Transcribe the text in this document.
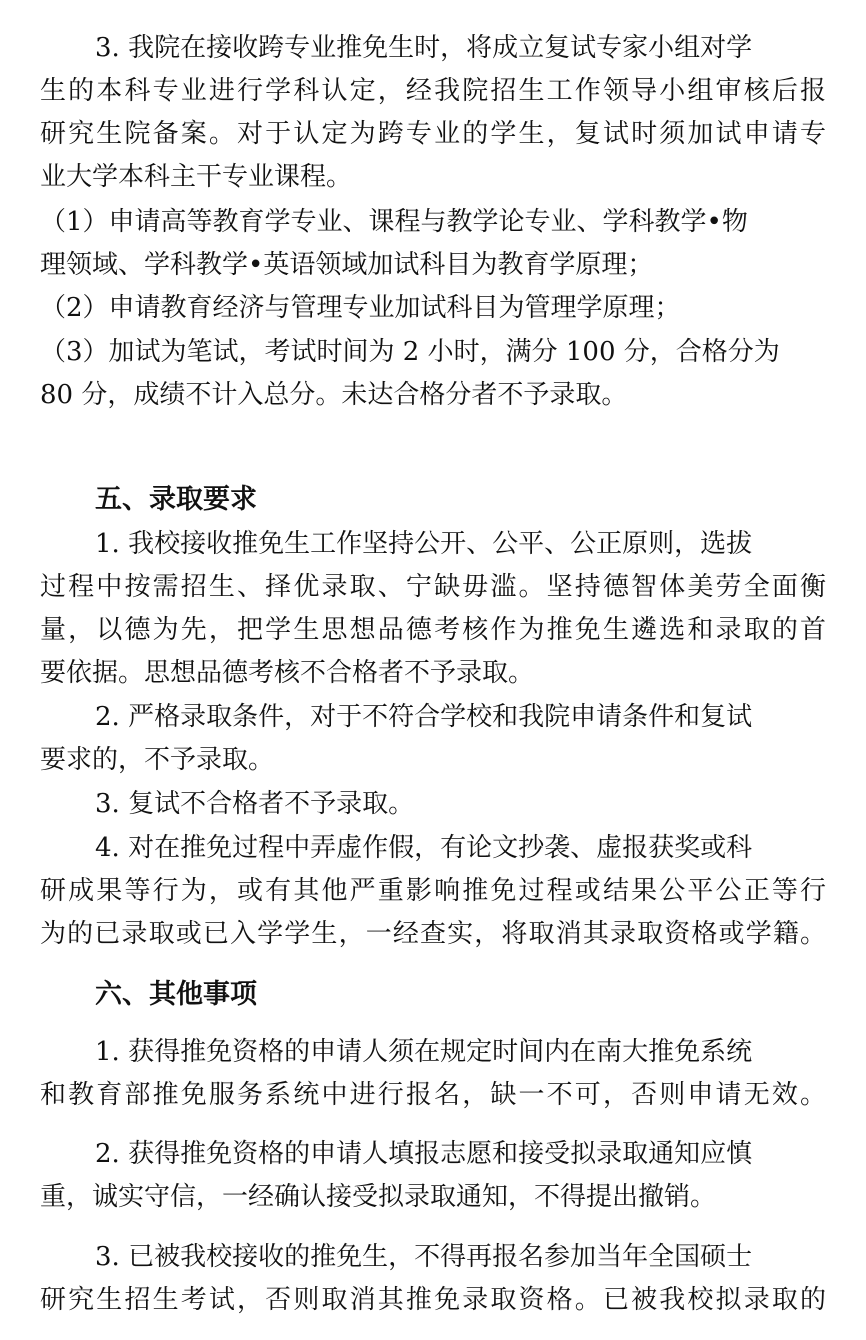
3. 我院在接收跨专业推免生时，将成立复试专家小组对学

生的本科专业进行学科认定，经我院招生工作领导小组审核后报

研究生院备案。对于认定为跨专业的学生，复试时须加试申请专

业大学本科主干专业课程。

（1）申请高等教育学专业、课程与教学论专业、学科教学•物

理领域、学科教学•英语领域加试科目为教育学原理；

（2）申请教育经济与管理专业加试科目为管理学原理；

（3）加试为笔试，考试时间为 2 小时，满分 100 分，合格分为

80 分，成绩不计入总分。未达合格分者不予录取。

五、录取要求

1. 我校接收推免生工作坚持公开、公平、公正原则，选拔

过程中按需招生、择优录取、宁缺毋滥。坚持德智体美劳全面衡

量，以德为先，把学生思想品德考核作为推免生遴选和录取的首

要依据。思想品德考核不合格者不予录取。

2. 严格录取条件，对于不符合学校和我院申请条件和复试

要求的，不予录取。

3. 复试不合格者不予录取。

4. 对在推免过程中弄虚作假，有论文抄袭、虚报获奖或科

研成果等行为，或有其他严重影响推免过程或结果公平公正等行

为的已录取或已入学学生，一经查实，将取消其录取资格或学籍。

六、其他事项

1. 获得推免资格的申请人须在规定时间内在南大推免系统

和教育部推免服务系统中进行报名，缺一不可，否则申请无效。

2. 获得推免资格的申请人填报志愿和接受拟录取通知应慎

重，诚实守信，一经确认接受拟录取通知，不得提出撤销。

3. 已被我校接收的推免生，不得再报名参加当年全国硕士

研究生招生考试，否则取消其推免录取资格。已被我校拟录取的
